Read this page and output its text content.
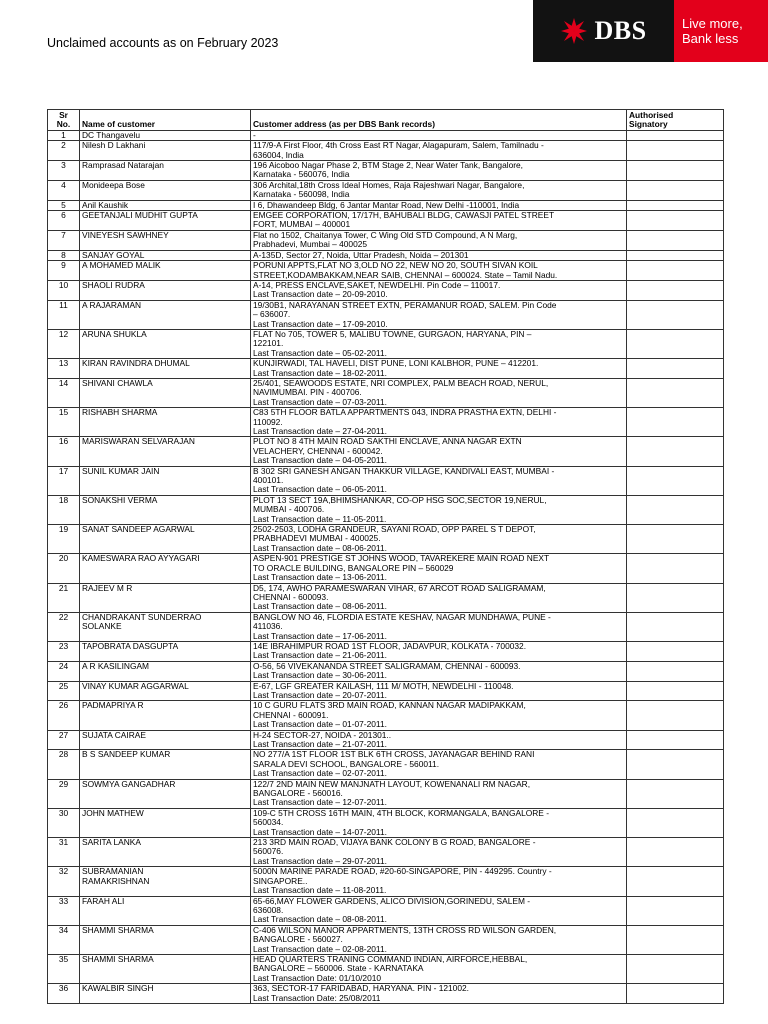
Unclaimed accounts as on February 2023	DBS	Live more,
Bank less
Sr
No.	Name of customer	Customer address (as per DBS Bank records)	Authorised
Signatory
1	DC Thangavelu	-	

2	Nilesh D Lakhani	117/9-A First Floor, 4th Cross East RT Nagar, Alagapuram, Salem, Tamilnadu -
636004, India	

3	Ramprasad Natarajan	196 Aicoboo Nagar Phase 2, BTM Stage 2, Near Water Tank, Bangalore,
Karnataka - 560076, India	

4	Monideepa Bose	306 Archital,18th Cross Ideal Homes, Raja Rajeshwari Nagar, Bangalore,
Karnataka - 560098, India	

5	Anil Kaushik	I 6, Dhawandeep Bldg, 6 Jantar Mantar Road, New Delhi -110001, India	

6	GEETANJALI MUDHIT GUPTA	EMGEE CORPORATION, 17/17H, BAHUBALI BLDG, CAWASJI PATEL STREET
FORT, MUMBAI – 400001	

7	VINEYESH SAWHNEY	Flat no 1502, Chaitanya Tower, C Wing Old STD Compound, A N Marg,
Prabhadevi, Mumbai – 400025	

8	SANJAY GOYAL	A-135D, Sector 27, Noida, Uttar Pradesh, Noida – 201301	

9	A MOHAMED MALIK	PORUNI APPTS,FLAT NO 3,OLD NO 22, NEW NO 20, SOUTH SIVAN KOIL
STREET,KODAMBAKKAM,NEAR SAIB, CHENNAI – 600024. State – Tamil Nadu.	

10	SHAOLI RUDRA	A-14, PRESS ENCLAVE,SAKET, NEWDELHI. Pin Code – 110017.
Last Transaction date – 20-09-2010.	

11	A RAJARAMAN	19/30B1, NARAYANAN STREET EXTN, PERAMANUR ROAD, SALEM. Pin Code
– 636007.
Last Transaction date – 17-09-2010.	

12	ARUNA SHUKLA	FLAT No 705, TOWER 5, MALIBU TOWNE, GURGAON, HARYANA, PIN –
122101.
Last Transaction date – 05-02-2011.	

13	KIRAN RAVINDRA DHUMAL	KUNJIRWADI, TAL HAVELI, DIST PUNE, LONI KALBHOR, PUNE – 412201.
Last Transaction date – 18-02-2011.	

14	SHIVANI CHAWLA	25/401, SEAWOODS ESTATE, NRI COMPLEX, PALM BEACH ROAD, NERUL,
NAVIMUMBAI. PIN - 400706.
Last Transaction date – 07-03-2011.	

15	RISHABH SHARMA	C83 5TH FLOOR BATLA APPARTMENTS 043, INDRA PRASTHA EXTN, DELHI -
110092.
Last Transaction date – 27-04-2011.	

16	MARISWARAN SELVARAJAN	PLOT NO 8 4TH MAIN ROAD SAKTHI ENCLAVE, ANNA NAGAR EXTN
VELACHERY, CHENNAI - 600042.
Last Transaction date – 04-05-2011.	

17	SUNIL KUMAR JAIN	B 302 SRI GANESH ANGAN THAKKUR VILLAGE, KANDIVALI EAST, MUMBAI -
400101.
Last Transaction date – 06-05-2011.	

18	SONAKSHI VERMA	PLOT 13 SECT 19A,BHIMSHANKAR, CO-OP HSG SOC,SECTOR 19,NERUL,
MUMBAI - 400706.
Last Transaction date – 11-05-2011.	

19	SANAT SANDEEP AGARWAL	2502-2503, LODHA GRANDEUR, SAYANI ROAD, OPP PAREL S T DEPOT,
PRABHADEVI MUMBAI - 400025.
Last Transaction date – 08-06-2011.	

20	KAMESWARA RAO AYYAGARI	ASPEN-901 PRESTIGE ST JOHNS WOOD, TAVAREKERE MAIN ROAD NEXT
TO ORACLE BUILDING, BANGALORE PIN – 560029
Last Transaction date – 13-06-2011.	

21	RAJEEV M R	D5, 174, AWHO PARAMESWARAN VIHAR, 67 ARCOT ROAD SALIGRAMAM,
CHENNAI - 600093.
Last Transaction date – 08-06-2011.	

22	CHANDRAKANT SUNDERRAO
SOLANKE	BANGLOW NO 46, FLORDIA ESTATE KESHAV, NAGAR MUNDHAWA, PUNE -
411036.
Last Transaction date – 17-06-2011.	

23	TAPOBRATA DASGUPTA	14E IBRAHIMPUR ROAD 1ST FLOOR, JADAVPUR, KOLKATA - 700032.
Last Transaction date – 21-06-2011.	

24	A R KASILINGAM	O-56, 56 VIVEKANANDA STREET SALIGRAMAM, CHENNAI - 600093.
Last Transaction date – 30-06-2011.	

25	VINAY KUMAR AGGARWAL	E-67, LGF GREATER KAILASH, 111 M/ MOTH, NEWDELHI - 110048.
Last Transaction date – 20-07-2011.	

26	PADMAPRIYA R	10 C GURU FLATS 3RD MAIN ROAD, KANNAN NAGAR MADIPAKKAM,
CHENNAI - 600091.
Last Transaction date – 01-07-2011.	

27	SUJATA CAIRAE	H-24 SECTOR-27, NOIDA - 201301..
Last Transaction date – 21-07-2011.	

28	B S SANDEEP KUMAR	NO 277/A 1ST FLOOR 1ST BLK 6TH CROSS, JAYANAGAR BEHIND RANI
SARALA DEVI SCHOOL, BANGALORE - 560011.
Last Transaction date – 02-07-2011.	

29	SOWMYA GANGADHAR	122/7 2ND MAIN NEW MANJNATH LAYOUT, KOWENANALI RM NAGAR,
BANGALORE - 560016.
Last Transaction date – 12-07-2011.	

30	JOHN MATHEW	109-C 5TH CROSS 16TH MAIN, 4TH BLOCK, KORMANGALA, BANGALORE -
560034.
Last Transaction date – 14-07-2011.	

31	SARITA LANKA	213 3RD MAIN ROAD, VIJAYA BANK COLONY B G ROAD, BANGALORE -
560076.
Last Transaction date – 29-07-2011.	

32	SUBRAMANIAN
RAMAKRISHNAN	5000N MARINE PARADE ROAD, #20-60-SINGAPORE, PIN - 449295. Country -
SINGAPORE..
Last Transaction date – 11-08-2011.	

33	FARAH ALI	65-66,MAY FLOWER GARDENS, ALICO DIVISION,GORINEDU, SALEM -
636008.
Last Transaction date – 08-08-2011.	

34	SHAMMI SHARMA	C-406 WILSON MANOR APPARTMENTS, 13TH CROSS RD WILSON GARDEN,
BANGALORE - 560027.
Last Transaction date – 02-08-2011.	

35	SHAMMI SHARMA	HEAD QUARTERS TRANING COMMAND INDIAN, AIRFORCE,HEBBAL,
BANGALORE – 560006. State - KARNATAKA
Last Transaction Date: 01/10/2010	

36	KAWALBIR SINGH	363, SECTOR-17 FARIDABAD, HARYANA. PIN - 121002.
Last Transaction Date: 25/08/2011	
